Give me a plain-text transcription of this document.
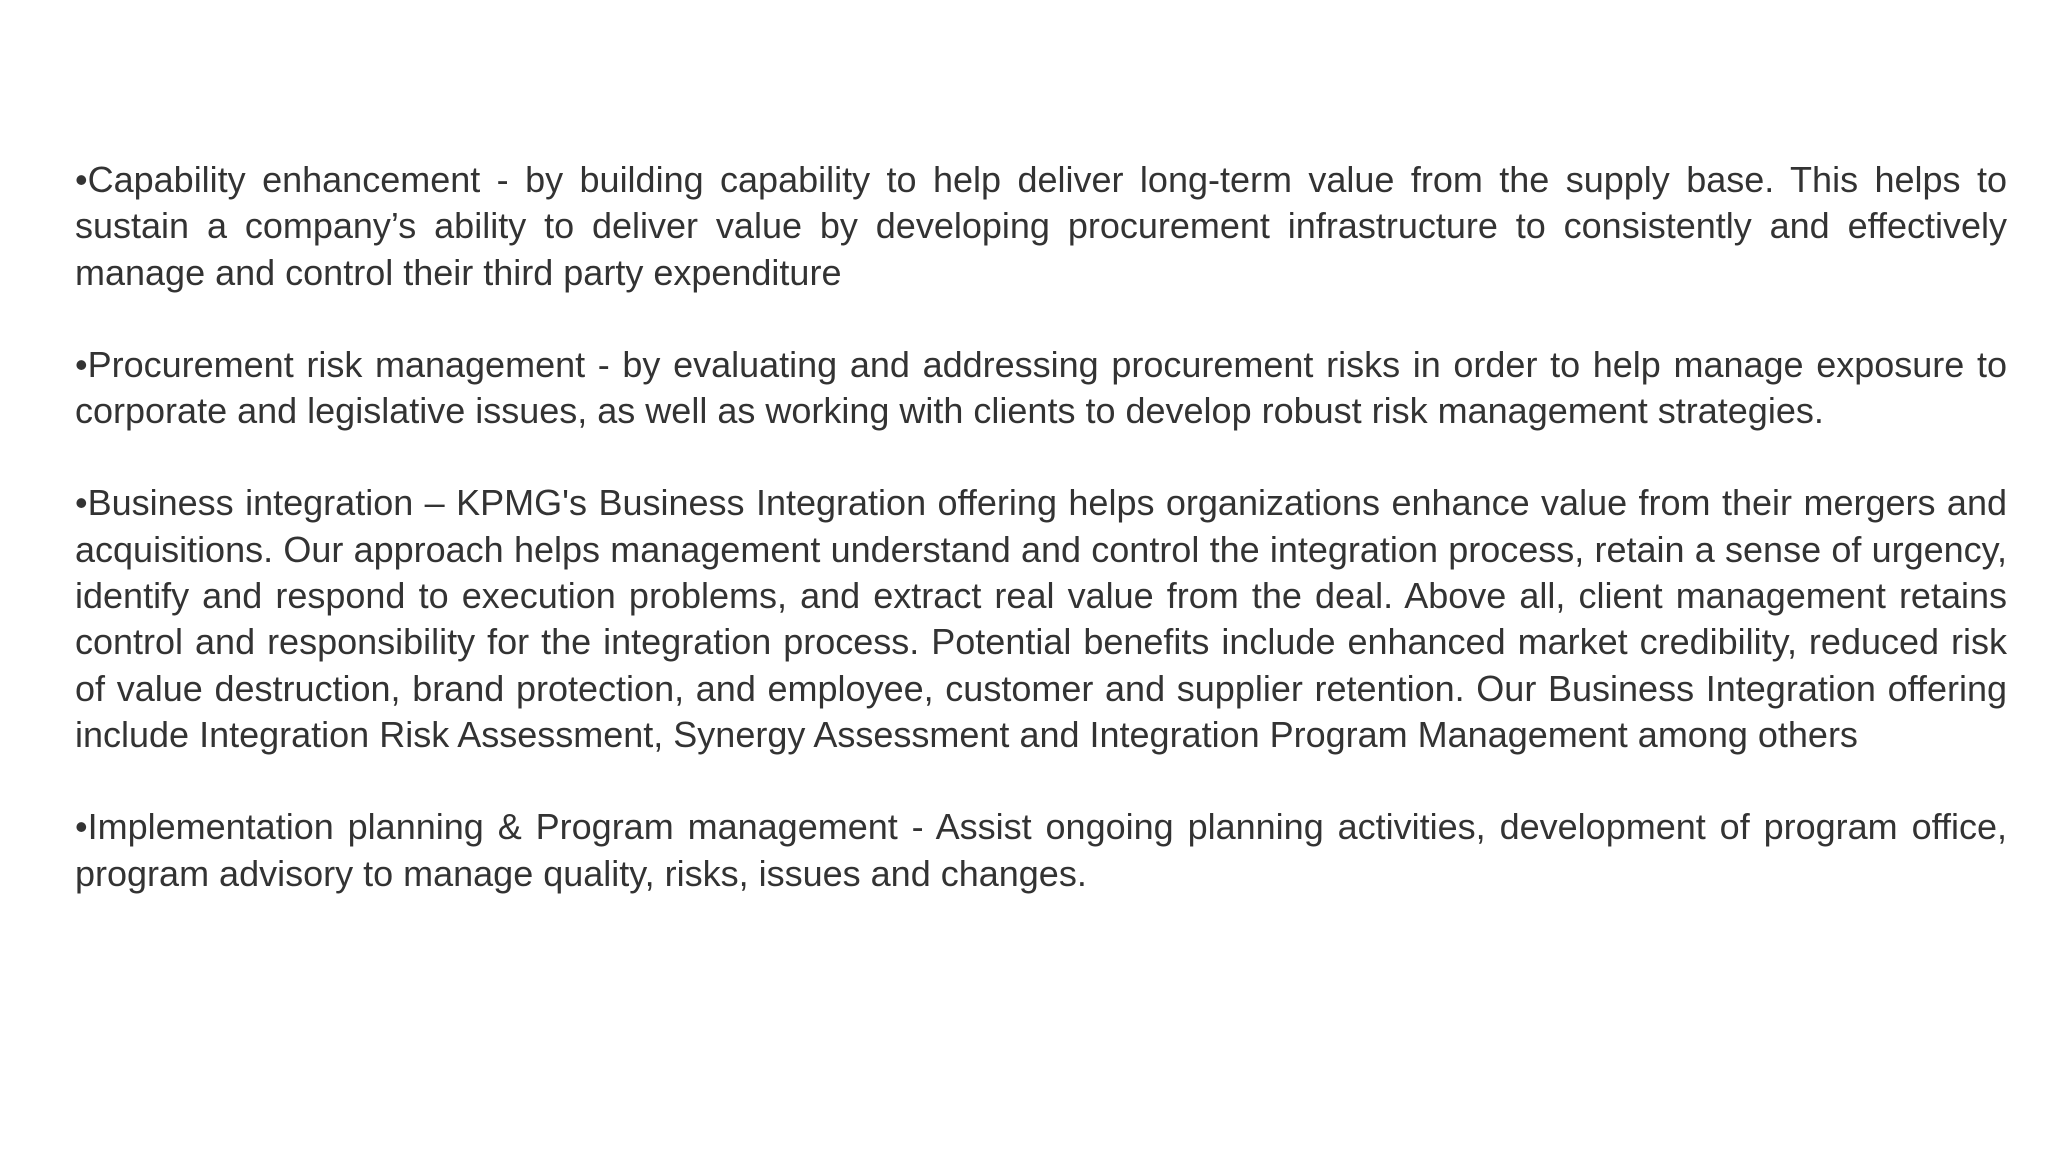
•Capability enhancement - by building capability to help deliver long-term value from the supply base. This helps to sustain a company’s ability to deliver value by developing procurement infrastructure to consistently and effectively manage and control their third party expenditure

•Procurement risk management - by evaluating and addressing procurement risks in order to help manage exposure to corporate and legislative issues, as well as working with clients to develop robust risk management strategies.

•Business integration – KPMG's Business Integration offering helps organizations enhance value from their mergers and acquisitions. Our approach helps management understand and control the integration process, retain a sense of urgency, identify and respond to execution problems, and extract real value from the deal. Above all, client management retains control and responsibility for the integration process. Potential benefits include enhanced market credibility, reduced risk of value destruction, brand protection, and employee, customer and supplier retention. Our Business Integration offering include Integration Risk Assessment, Synergy Assessment and Integration Program Management among others

•Implementation planning & Program management - Assist ongoing planning activities, development of program office, program advisory to manage quality, risks, issues and changes.
